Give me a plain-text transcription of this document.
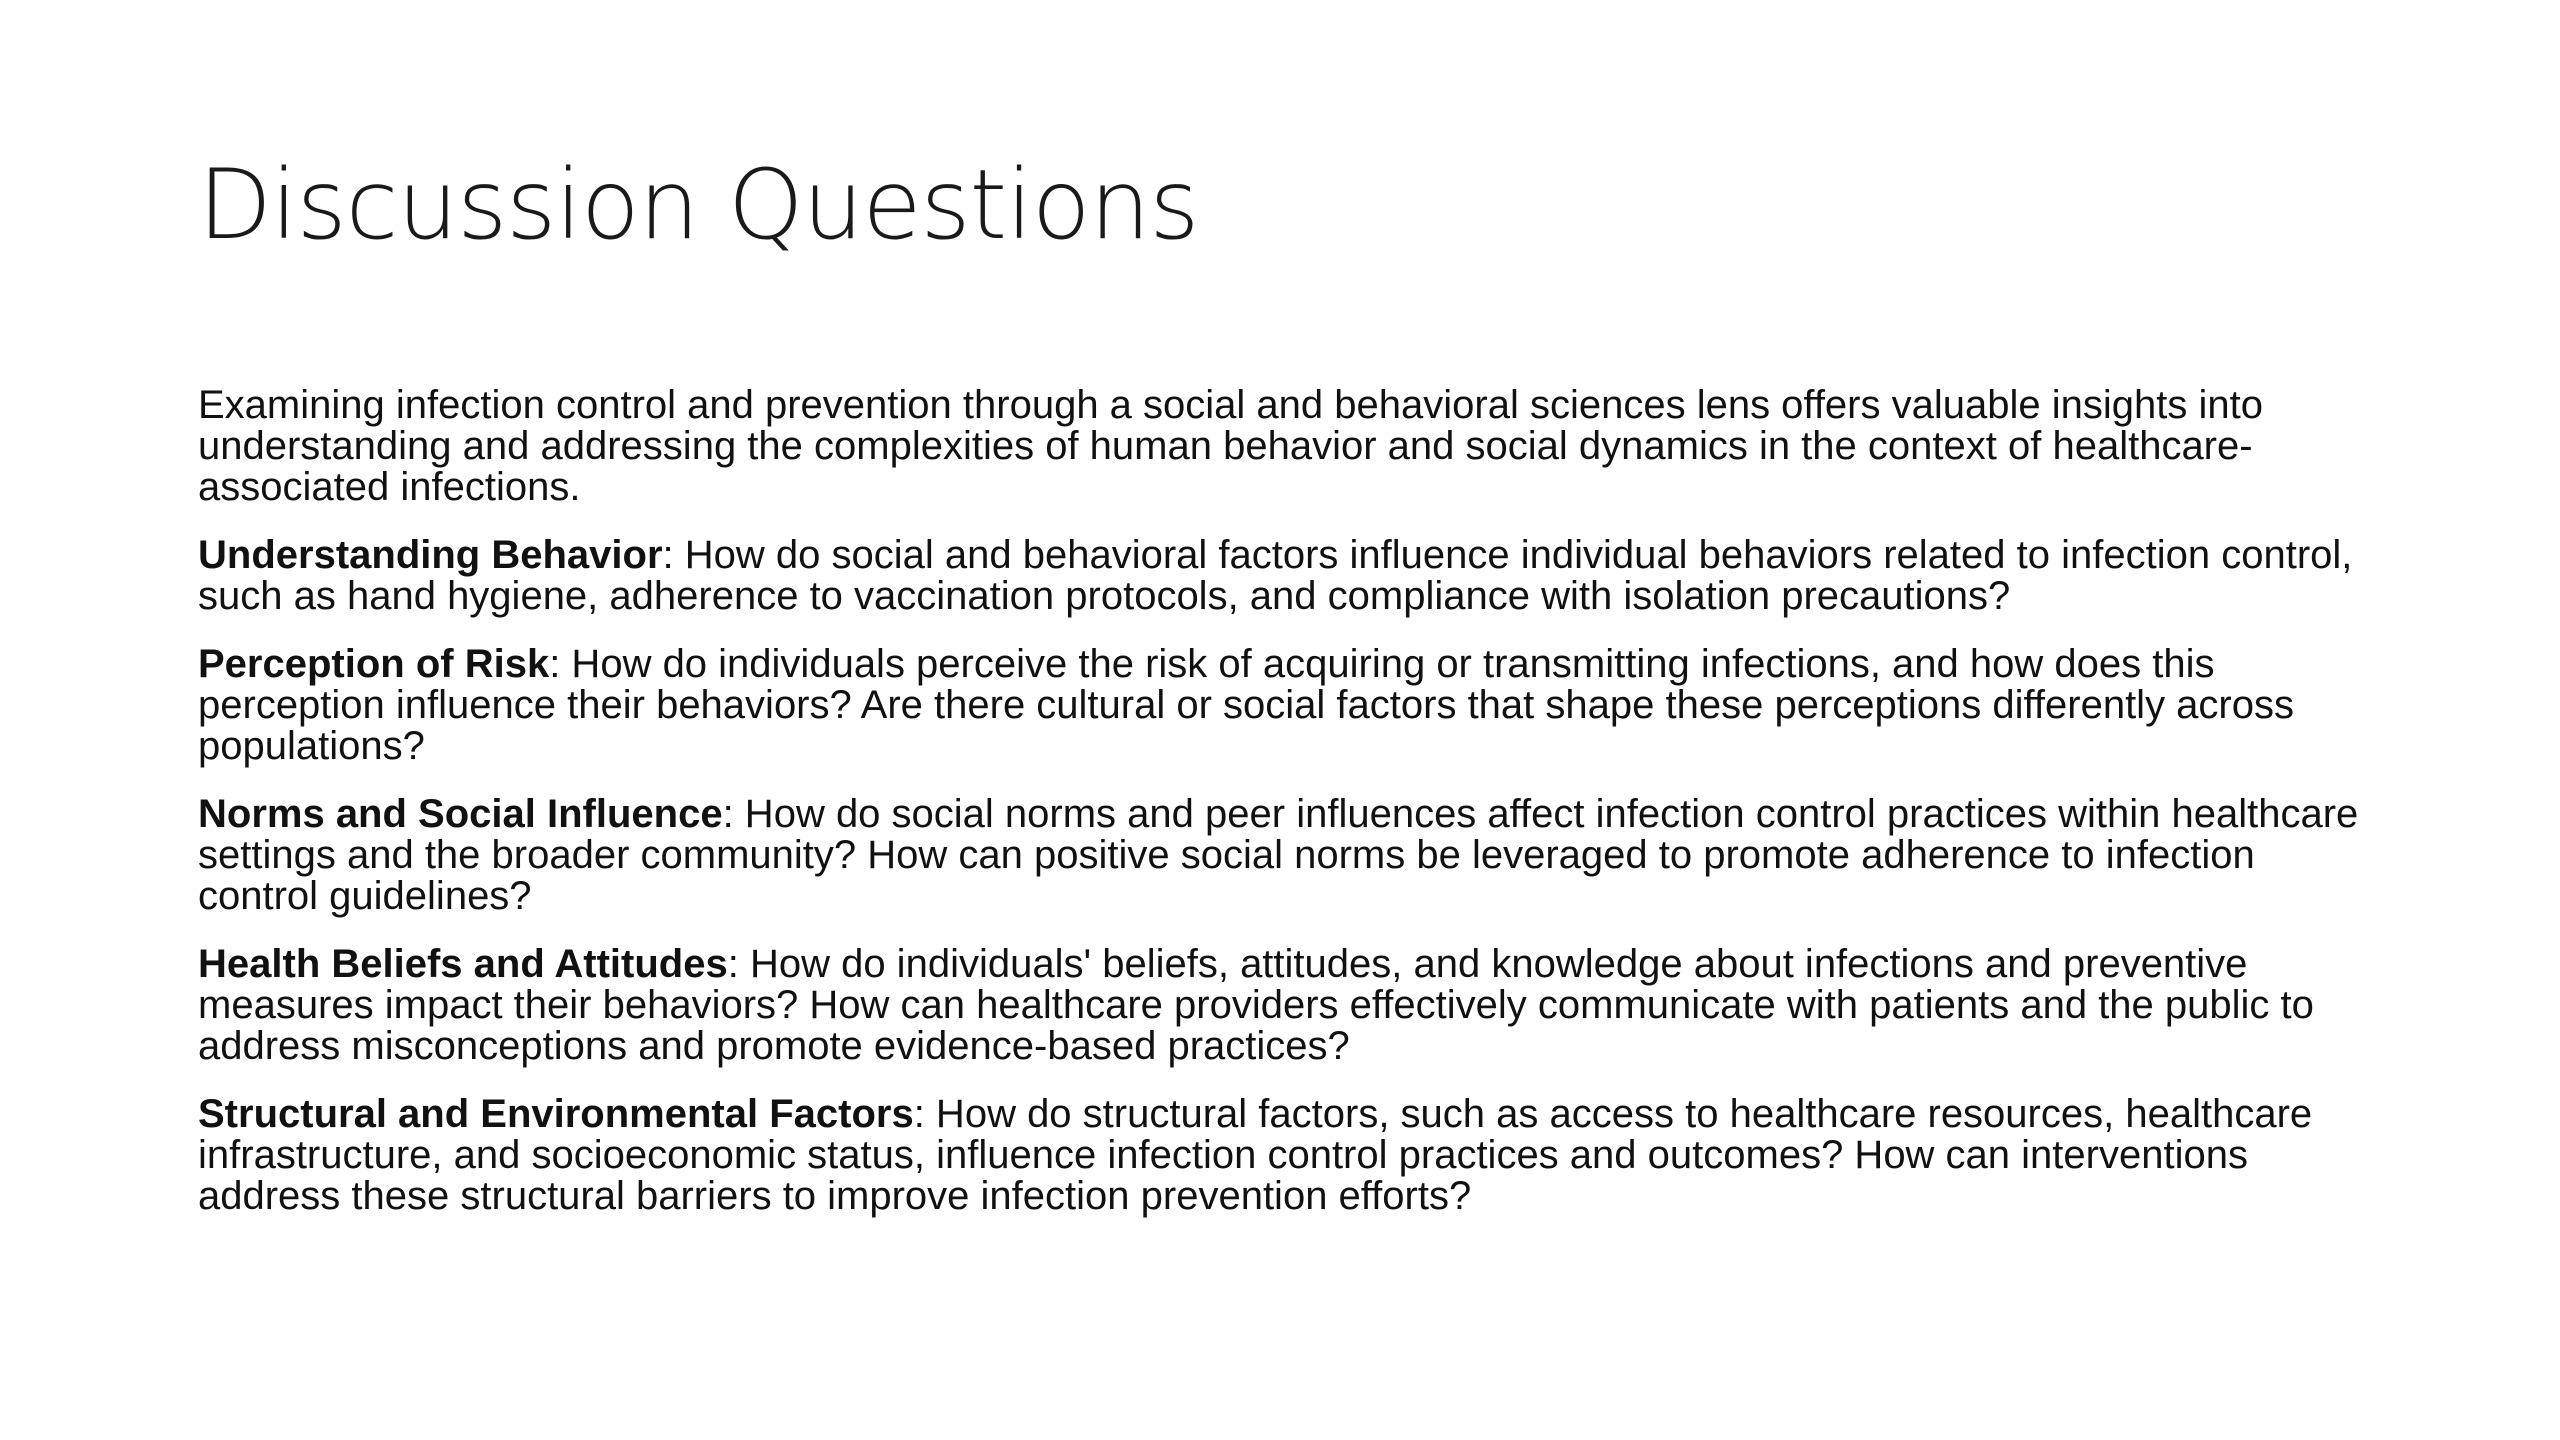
Discussion Questions

Examining infection control and prevention through a social and behavioral sciences lens offers valuable insights into understanding and addressing the complexities of human behavior and social dynamics in the context of healthcare-associated infections.

Understanding Behavior: How do social and behavioral factors influence individual behaviors related to infection control, such as hand hygiene, adherence to vaccination protocols, and compliance with isolation precautions?

Perception of Risk: How do individuals perceive the risk of acquiring or transmitting infections, and how does this perception influence their behaviors? Are there cultural or social factors that shape these perceptions differently across populations?

Norms and Social Influence: How do social norms and peer influences affect infection control practices within healthcare settings and the broader community? How can positive social norms be leveraged to promote adherence to infection control guidelines?

Health Beliefs and Attitudes: How do individuals' beliefs, attitudes, and knowledge about infections and preventive measures impact their behaviors? How can healthcare providers effectively communicate with patients and the public to address misconceptions and promote evidence-based practices?

Structural and Environmental Factors: How do structural factors, such as access to healthcare resources, healthcare infrastructure, and socioeconomic status, influence infection control practices and outcomes? How can interventions address these structural barriers to improve infection prevention efforts?
